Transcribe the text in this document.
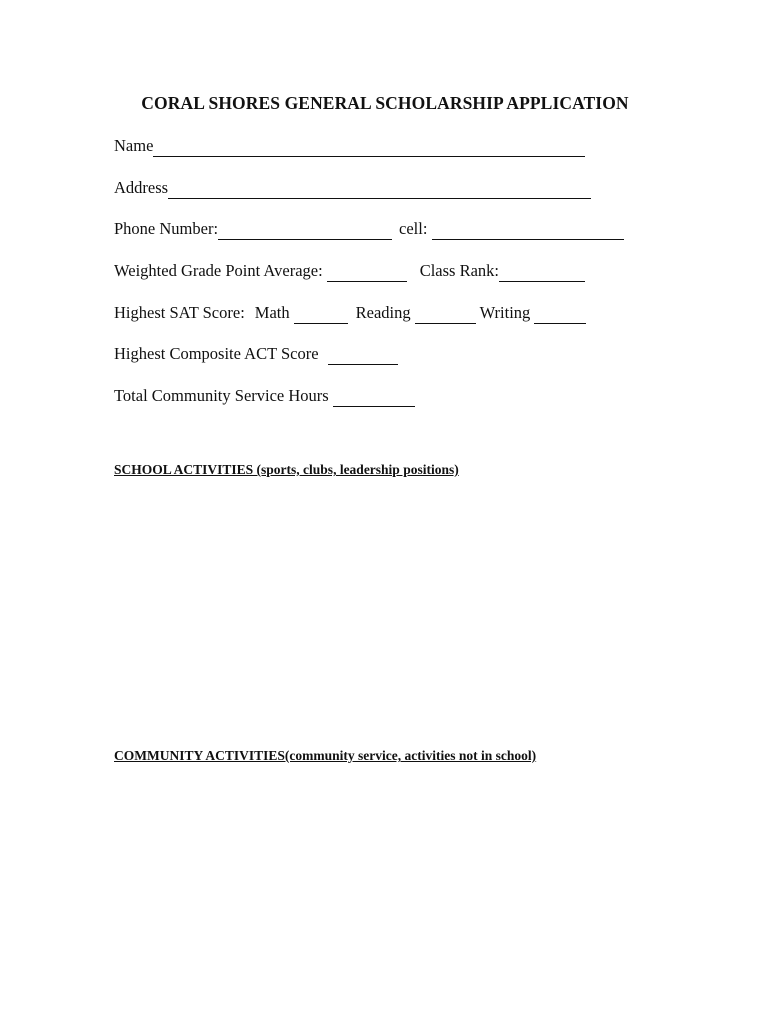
CORAL SHORES GENERAL SCHOLARSHIP APPLICATION
Name
Address
Phone Number:	cell:
Weighted Grade Point Average:	Class Rank:
Highest SAT Score: Math	Reading	Writing
Highest Composite ACT Score
Total Community Service Hours
SCHOOL ACTIVITIES (sports, clubs, leadership positions)
COMMUNITY ACTIVITIES(community service, activities not in school)
